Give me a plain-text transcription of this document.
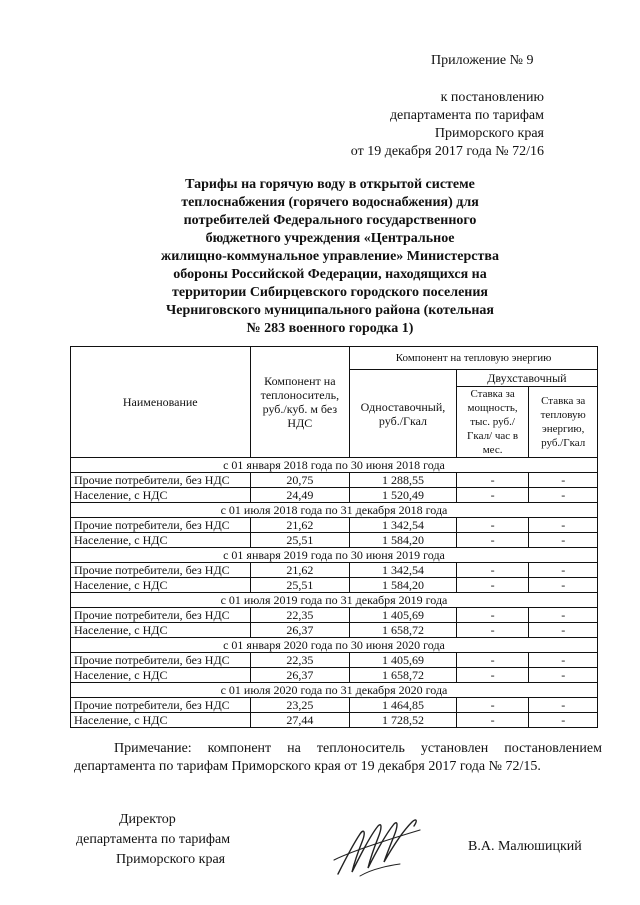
Приложение № 9
к постановлению
департамента по тарифам
Приморского края
от 19 декабря 2017 года № 72/16
Тарифы на горячую воду в открытой системе
теплоснабжения (горячего водоснабжения) для
потребителей Федерального государственного
бюджетного учреждения «Центральное
жилищно-коммунальное управление» Министерства
обороны Российской Федерации, находящихся на
территории Сибирцевского городского поселения
Черниговского муниципального района (котельная
№ 283 военного городка 1)
Наименование	Компонент на теплоноситель, руб./куб. м без НДС	Компонент на тепловую энергию		
		Одноставочный, руб./Гкал	Двухставочный	
			Ставка за мощность, тыс. руб./Гкал/ час в мес.	Ставка за тепловую энергию, руб./Гкал
с 01 января 2018 года по 30 июня 2018 года				
Прочие потребители, без НДС	20,75	1 288,55	-	-
Население, с НДС	24,49	1 520,49	-	-
с 01 июля 2018 года по 31 декабря 2018 года				
Прочие потребители, без НДС	21,62	1 342,54	-	-
Население, с НДС	25,51	1 584,20	-	-
с 01 января 2019 года по 30 июня 2019 года				
Прочие потребители, без НДС	21,62	1 342,54	-	-
Население, с НДС	25,51	1 584,20	-	-
с 01 июля 2019 года по 31 декабря 2019 года				
Прочие потребители, без НДС	22,35	1 405,69	-	-
Население, с НДС	26,37	1 658,72	-	-
с 01 января 2020 года по 30 июня 2020 года				
Прочие потребители, без НДС	22,35	1 405,69	-	-
Население, с НДС	26,37	1 658,72	-	-
с 01 июля 2020 года по 31 декабря 2020 года				
Прочие потребители, без НДС	23,25	1 464,85	-	-
Население, с НДС	27,44	1 728,52	-	-
Примечание: компонент на теплоноситель установлен постановлением департамента по тарифам Приморского края от 19 декабря 2017 года № 72/15.
Директор
департамента по тарифам
Приморского края
В.А. Малюшицкий
